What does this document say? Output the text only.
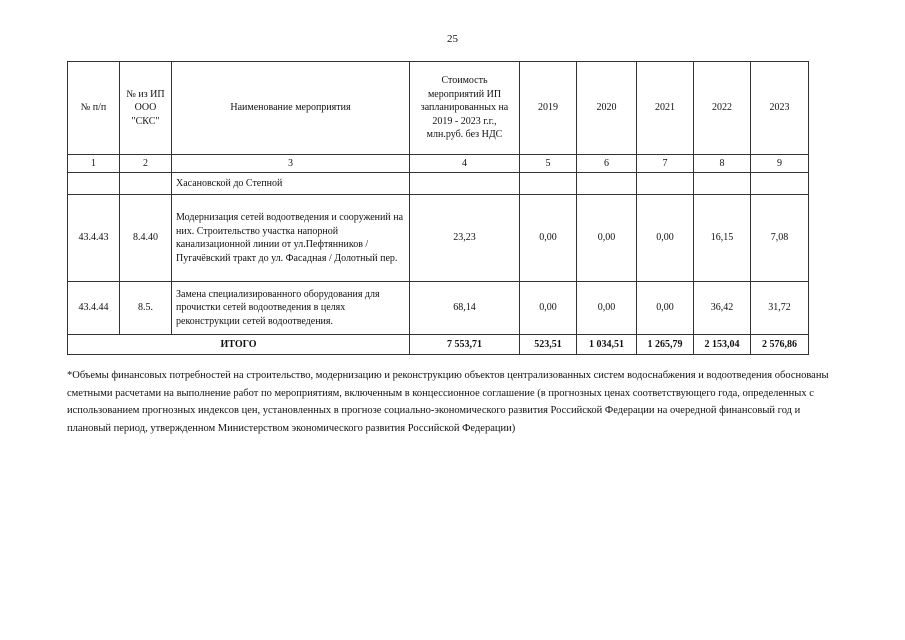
25
№ п/п	№ из ИП ООО "СКС"	Наименование мероприятия	Стоимость мероприятий ИП запланированных на 2019 - 2023 г.г., млн.руб. без НДС	2019	2020	2021	2022	2023
1	2	3	4	5	6	7	8	9
		Хасановской до Степной						
43.4.43	8.4.40	Модернизация сетей водоотведения и сооружений на них. Строительство участка напорной канализационной линии от ул.Пефтянников / Пугачёвский тракт до ул. Фасадная / Долотный пер.	23,23	0,00	0,00	0,00	16,15	7,08
43.4.44	8.5.	Замена специализированного оборудования для прочистки сетей водоотведения в целях реконструкции сетей водоотведения.	68,14	0,00	0,00	0,00	36,42	31,72
ИТОГО			7 553,71	523,51	1 034,51	1 265,79	2 153,04	2 576,86
*Объемы финансовых потребностей на строительство, модернизацию и реконструкцию объектов централизованных систем водоснабжения и водоотведения обоснованы сметными расчетами на выполнение работ по мероприятиям, включенным в концессионное соглашение (в прогнозных ценах соответствующего года, определенных с использованием прогнозных индексов цен, установленных в прогнозе социально-экономического развития Российской Федерации на очередной финансовый год и плановый период, утвержденном Министерством экономического развития Российской Федерации)
